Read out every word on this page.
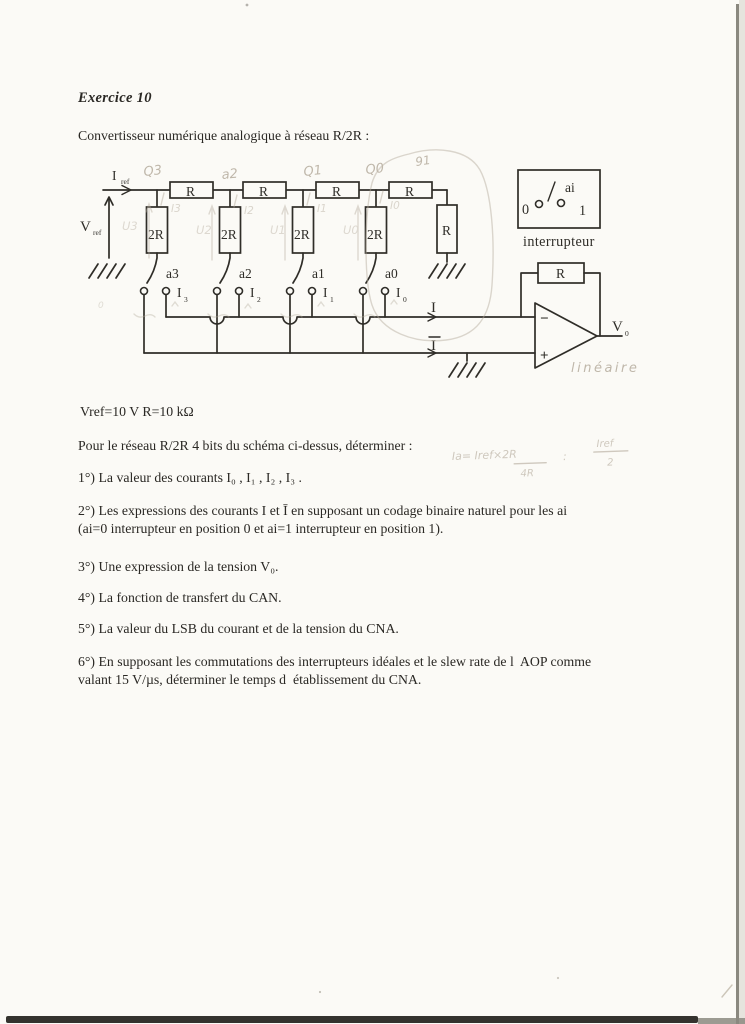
Exercice 10
Convertisseur numérique analogique à réseau R/2R :
Vref=10 V R=10 kΩ
Pour le réseau R/2R 4 bits du schéma ci-dessus, déterminer :
1°) La valeur des courants I₀ , I₁ , I₂ , I₃ .
2°) Les expressions des courants I et Ī en supposant un codage binaire naturel pour les ai
(ai=0 interrupteur en position 0 et ai=1 interrupteur en position 1).
3°) Une expression de la tension V₀.
4°) La fonction de transfert du CAN.
5°) La valeur du LSB du courant et de la tension du CNA.
6°) En supposant les commutations des interrupteurs idéales et le slew rate de l  AOP comme
valant 15 V/µs, déterminer le temps d  établissement du CNA.
V ref
I ref
R	R	R	R
2R
a3
I 3
2R
a2
I 2
2R
a1
I 1
2R
a0
I 0
R
I
I
−
+
R
V 0
0
ai
1
interrupteur
Q3	a2	Q1	Q0
91
I3	I2	I1	I0
U3	U2	U1	U0
0
linéaire
Ia= Iref×2R
4R
:
Iref
2
